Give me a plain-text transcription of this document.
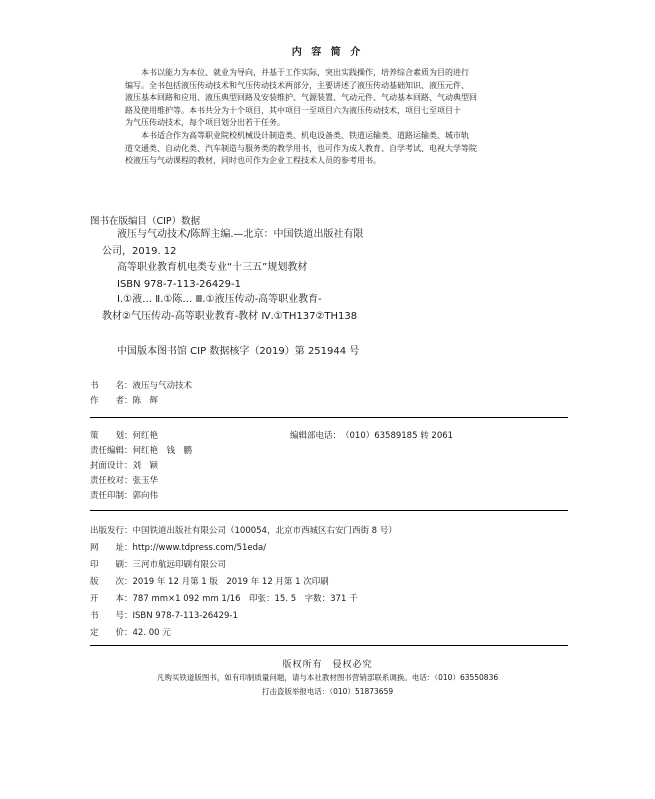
内 容 简 介
本书以能力为本位、就业为导向，并基于工作实际，突出实践操作，培养综合素质为目的进行
编写。全书包括液压传动技术和气压传动技术两部分，主要讲述了液压传动基础知识、液压元件、
液压基本回路和应用、液压典型回路及安装维护、气源装置、气动元件、气动基本回路、气动典型回
路及使用维护等。本书共分为十个项目，其中项目一至项目六为液压传动技术，项目七至项目十
为气压传动技术，每个项目划分出若干任务。
本书适合作为高等职业院校机械设计制造类、机电设备类、铁道运输类、道路运输类、城市轨
道交通类、自动化类、汽车制造与服务类的教学用书，也可作为成人教育、自学考试、电视大学等院
校液压与气动课程的教材，同时也可作为企业工程技术人员的参考用书。
图书在版编目（CIP）数据
液压与气动技术/陈辉主编.—北京：中国铁道出版社有限
公司，2019. 12
高等职业教育机电类专业“十三五”规划教材
ISBN 978-7-113-26429-1
Ⅰ.①液… Ⅱ.①陈… Ⅲ.①液压传动-高等职业教育-
教材②气压传动-高等职业教育-教材 Ⅳ.①TH137②TH138
中国版本图书馆 CIP 数据核字（2019）第 251944 号
书　　名：液压与气动技术
作　　者：陈　辉
策　　划：何红艳	编辑部电话：（010）63589185 转 2061
责任编辑：何红艳　钱　鹏
封面设计：刘　颖
责任校对：张玉华
责任印制：郭向伟
出版发行：中国铁道出版社有限公司（100054，北京市西城区右安门西街 8 号）
网　　址：http://www.tdpress.com/51eda/
印　　刷：三河市航远印刷有限公司
版　　次：2019 年 12 月第 1 版　2019 年 12 月第 1 次印刷
开　　本：787 mm×1 092 mm 1/16　印张：15. 5　字数：371 千
书　　号：ISBN 978-7-113-26429-1
定　　价：42. 00 元
版权所有　侵权必究
凡购买铁道版图书，如有印制质量问题，请与本社教材图书营销部联系调换。电话：（010）63550836
打击盗版举报电话：（010）51873659
